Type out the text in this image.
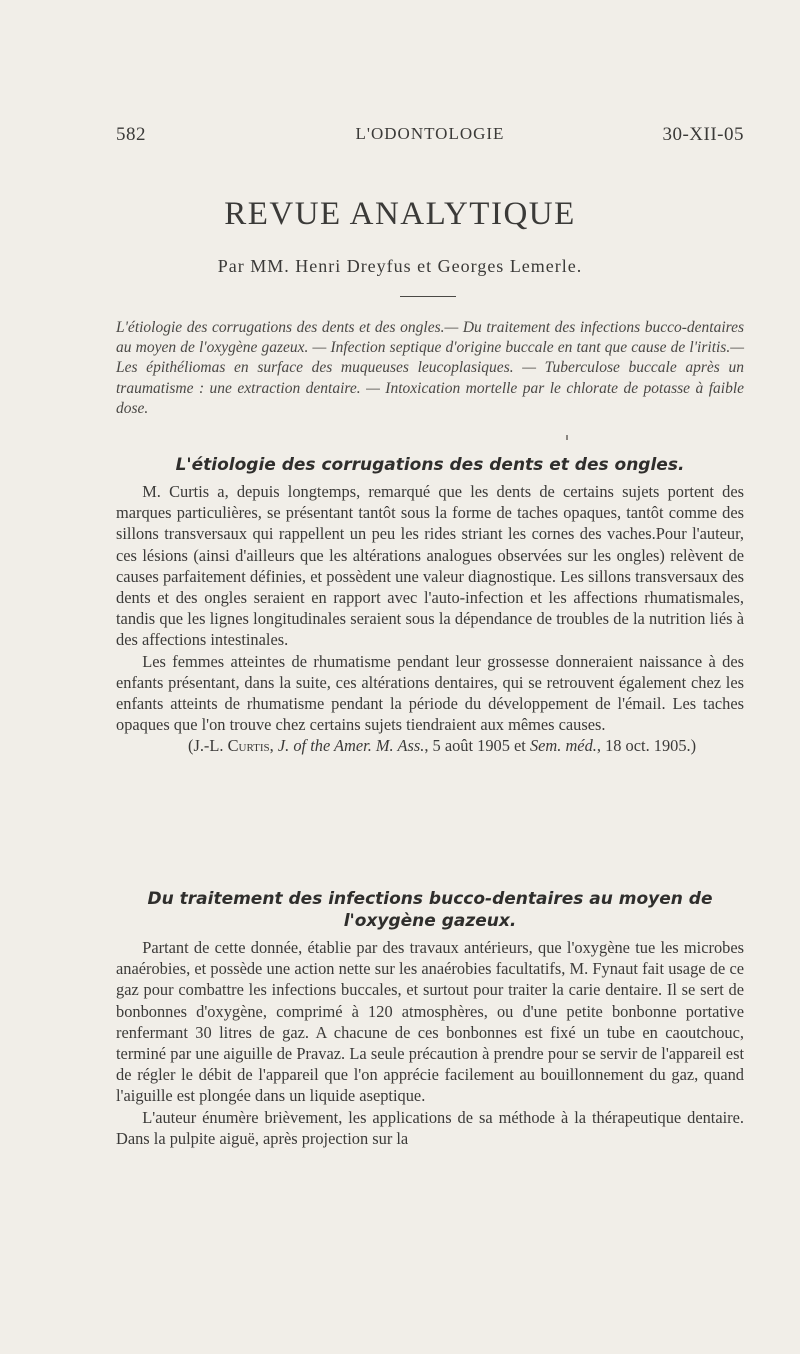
582	L'ODONTOLOGIE	30-XII-05
REVUE ANALYTIQUE
Par MM. Henri Dreyfus et Georges Lemerle.

L'étiologie des corrugations des dents et des ongles.— Du traitement des infections bucco-dentaires au moyen de l'oxygène gazeux. — Infection septique d'origine buccale en tant que cause de l'iritis.— Les épithéliomas en surface des muqueuses leucoplasiques. — Tuberculose buccale après un traumatisme : une extraction dentaire. — Intoxication mortelle par le chlorate de potasse à faible dose.

L'étiologie des corrugations des dents et des ongles.

M. Curtis a, depuis longtemps, remarqué que les dents de certains sujets portent des marques particulières, se présentant tantôt sous la forme de taches opaques, tantôt comme des sillons transversaux qui rappellent un peu les rides striant les cornes des vaches.Pour l'auteur, ces lésions (ainsi d'ailleurs que les altérations analogues observées sur les ongles) relèvent de causes parfaitement définies, et possèdent une valeur diagnostique. Les sillons transversaux des dents et des ongles seraient en rapport avec l'auto-infection et les affections rhumatismales, tandis que les lignes longitudinales seraient sous la dépendance de troubles de la nutrition liés à des affections intestinales.

Les femmes atteintes de rhumatisme pendant leur grossesse donneraient naissance à des enfants présentant, dans la suite, ces altérations dentaires, qui se retrouvent également chez les enfants atteints de rhumatisme pendant la période du développement de l'émail. Les taches opaques que l'on trouve chez certains sujets tiendraient aux mêmes causes.

(J.-L. Curtis, J. of the Amer. M. Ass., 5 août 1905 et Sem. méd., 18 oct. 1905.)

Du traitement des infections bucco-dentaires au moyen de l'oxygène gazeux.

Partant de cette donnée, établie par des travaux antérieurs, que l'oxygène tue les microbes anaérobies, et possède une action nette sur les anaérobies facultatifs, M. Fynaut fait usage de ce gaz pour combattre les infections buccales, et surtout pour traiter la carie dentaire. Il se sert de bonbonnes d'oxygène, comprimé à 120 atmosphères, ou d'une petite bonbonne portative renfermant 30 litres de gaz. A chacune de ces bonbonnes est fixé un tube en caoutchouc, terminé par une aiguille de Pravaz. La seule précaution à prendre pour se servir de l'appareil est de régler le débit de l'appareil que l'on apprécie facilement au bouillonnement du gaz, quand l'aiguille est plongée dans un liquide aseptique.

L'auteur énumère brièvement, les applications de sa méthode à la thérapeutique dentaire. Dans la pulpite aiguë, après projection sur la
